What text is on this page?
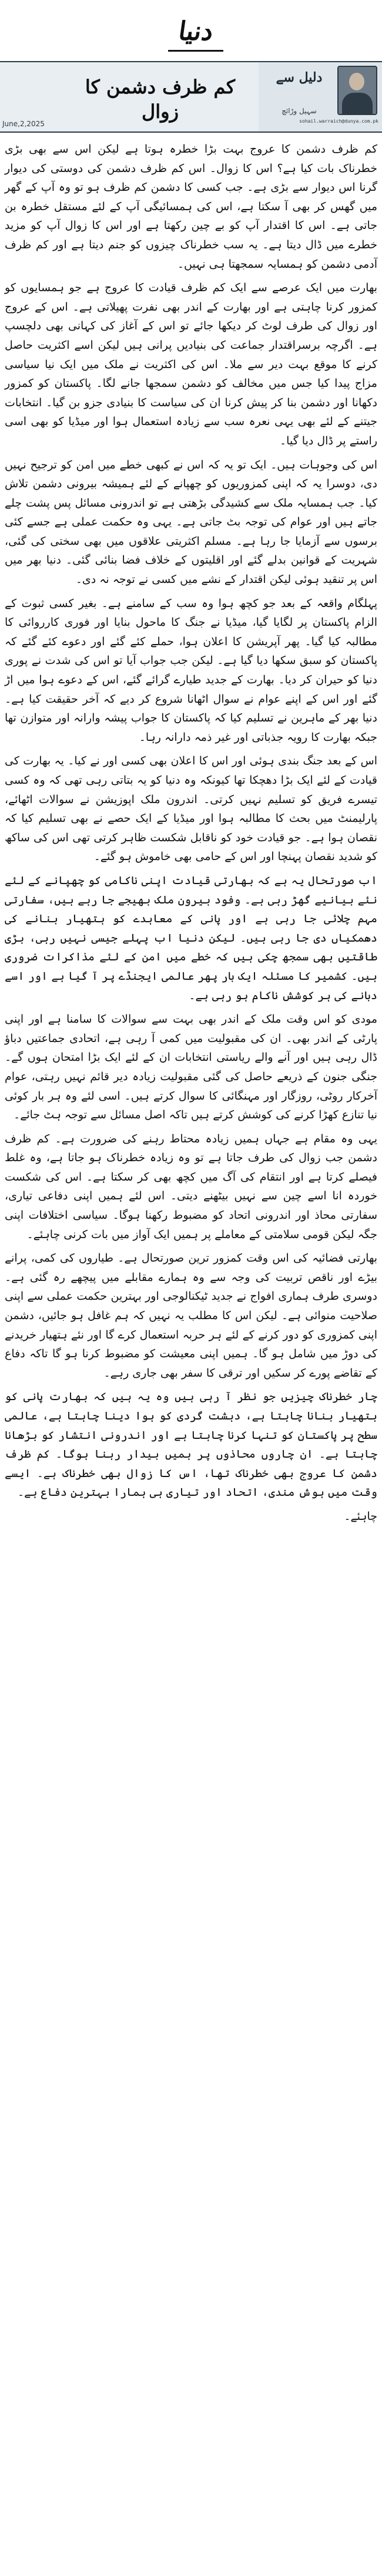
دنیا
دلیل سے
سہیل وڑائچ
sohail.warraich@dunya.com.pk
کم ظرف دشمن کا زوال
June,2,2025

کم ظرف دشمن کا عروج بہت بڑا خطرہ ہوتا ہے لیکن اس سے بھی بڑی خطرناک بات کیا ہے؟ اس کا زوال۔ اس کم ظرف دشمن کی دوستی کی دیوار گرنا اس دیوار سے بڑی ہے۔ جب کسی کا دشمن کم ظرف ہو تو وہ آپ کے گھر میں گھس کر بھی آ سکتا ہے، اس کی ہمسائیگی آپ کے لئے مستقل خطرہ بن جاتی ہے۔ اس کا اقتدار آپ کو بے چین رکھتا ہے اور اس کا زوال آپ کو مزید خطرے میں ڈال دیتا ہے۔ یہ سب خطرناک چیزوں کو جنم دیتا ہے اور کم ظرف آدمی دشمن کو ہمسایہ سمجھتا ہی نہیں۔

بھارت میں ایک عرصے سے ایک کم ظرف قیادت کا عروج ہے جو ہمسایوں کو کمزور کرنا چاہتی ہے اور بھارت کے اندر بھی نفرت پھیلاتی ہے۔ اس کے عروج اور زوال کی طرف لوٹ کر دیکھا جائے تو اس کے آغاز کی کہانی بھی دلچسپ ہے۔ اگرچہ برسراقتدار جماعت کی بنیادیں پرانی ہیں لیکن اسے اکثریت حاصل کرنے کا موقع بہت دیر سے ملا۔ اس کی اکثریت نے ملک میں ایک نیا سیاسی مزاج پیدا کیا جس میں مخالف کو دشمن سمجھا جانے لگا۔ پاکستان کو کمزور دکھانا اور دشمن بنا کر پیش کرنا ان کی سیاست کا بنیادی جزو بن گیا۔ انتخابات جیتنے کے لئے بھی یہی نعرہ سب سے زیادہ استعمال ہوا اور میڈیا کو بھی اسی راستے پر ڈال دیا گیا۔

اس کی وجوہات ہیں۔ ایک تو یہ کہ اس نے کبھی خطے میں امن کو ترجیح نہیں دی، دوسرا یہ کہ اپنی کمزوریوں کو چھپانے کے لئے ہمیشہ بیرونی دشمن تلاش کیا۔ جب ہمسایہ ملک سے کشیدگی بڑھتی ہے تو اندرونی مسائل پس پشت چلے جاتے ہیں اور عوام کی توجہ بٹ جاتی ہے۔ یہی وہ حکمت عملی ہے جسے کئی برسوں سے آزمایا جا رہا ہے۔ مسلم اکثریتی علاقوں میں بھی سختی کی گئی، شہریت کے قوانین بدلے گئے اور اقلیتوں کے خلاف فضا بنائی گئی۔ دنیا بھر میں اس پر تنقید ہوئی لیکن اقتدار کے نشے میں کسی نے توجہ نہ دی۔

پہلگام واقعہ کے بعد جو کچھ ہوا وہ سب کے سامنے ہے۔ بغیر کسی ثبوت کے الزام پاکستان پر لگایا گیا، میڈیا نے جنگ کا ماحول بنایا اور فوری کارروائی کا مطالبہ کیا گیا۔ پھر آپریشن کا اعلان ہوا، حملے کئے گئے اور دعوے کئے گئے کہ پاکستان کو سبق سکھا دیا گیا ہے۔ لیکن جب جواب آیا تو اس کی شدت نے پوری دنیا کو حیران کر دیا۔ بھارت کے جدید طیارے گرائے گئے، اس کے دعوے ہوا میں اڑ گئے اور اس کے اپنے عوام نے سوال اٹھانا شروع کر دیے کہ آخر حقیقت کیا ہے۔ دنیا بھر کے ماہرین نے تسلیم کیا کہ پاکستان کا جواب پیشہ وارانہ اور متوازن تھا جبکہ بھارت کا رویہ جذباتی اور غیر ذمہ دارانہ رہا۔

اس کے بعد جنگ بندی ہوئی اور اس کا اعلان بھی کسی اور نے کیا۔ یہ بھارت کی قیادت کے لئے ایک بڑا دھچکا تھا کیونکہ وہ دنیا کو یہ بتاتی رہی تھی کہ وہ کسی تیسرے فریق کو تسلیم نہیں کرتی۔ اندرون ملک اپوزیشن نے سوالات اٹھائے، پارلیمنٹ میں بحث کا مطالبہ ہوا اور میڈیا کے ایک حصے نے بھی تسلیم کیا کہ نقصان ہوا ہے۔ جو قیادت خود کو ناقابل شکست ظاہر کرتی تھی اس کی ساکھ کو شدید نقصان پہنچا اور اس کے حامی بھی خاموش ہو گئے۔

اب صورتحال یہ ہے کہ بھارتی قیادت اپنی ناکامی کو چھپانے کے لئے نئے بیانیے گھڑ رہی ہے۔ وفود بیرون ملک بھیجے جا رہے ہیں، سفارتی مہم چلائی جا رہی ہے اور پانی کے معاہدے کو ہتھیار بنانے کی دھمکیاں دی جا رہی ہیں۔ لیکن دنیا اب پہلے جیسی نہیں رہی، بڑی طاقتیں بھی سمجھ چکی ہیں کہ خطے میں امن کے لئے مذاکرات ضروری ہیں۔ کشمیر کا مسئلہ ایک بار پھر عالمی ایجنڈے پر آ گیا ہے اور اسے دبانے کی ہر کوشش ناکام ہو رہی ہے۔

مودی کو اس وقت ملک کے اندر بھی بہت سے سوالات کا سامنا ہے اور اپنی پارٹی کے اندر بھی۔ ان کی مقبولیت میں کمی آ رہی ہے، اتحادی جماعتیں دباؤ ڈال رہی ہیں اور آنے والے ریاستی انتخابات ان کے لئے ایک بڑا امتحان ہوں گے۔ جنگی جنون کے ذریعے حاصل کی گئی مقبولیت زیادہ دیر قائم نہیں رہتی، عوام آخرکار روٹی، روزگار اور مہنگائی کا سوال کرتے ہیں۔ اسی لئے وہ ہر بار کوئی نیا تنازع کھڑا کرنے کی کوشش کرتے ہیں تاکہ اصل مسائل سے توجہ ہٹ جائے۔

یہی وہ مقام ہے جہاں ہمیں زیادہ محتاط رہنے کی ضرورت ہے۔ کم ظرف دشمن جب زوال کی طرف جاتا ہے تو وہ زیادہ خطرناک ہو جاتا ہے، وہ غلط فیصلے کرتا ہے اور انتقام کی آگ میں کچھ بھی کر سکتا ہے۔ اس کی شکست خوردہ انا اسے چین سے نہیں بیٹھنے دیتی۔ اس لئے ہمیں اپنی دفاعی تیاری، سفارتی محاذ اور اندرونی اتحاد کو مضبوط رکھنا ہوگا۔ سیاسی اختلافات اپنی جگہ لیکن قومی سلامتی کے معاملے پر ہمیں ایک آواز میں بات کرنی چاہئے۔

بھارتی فضائیہ کی اس وقت کمزور ترین صورتحال ہے۔ طیاروں کی کمی، پرانے بیڑے اور ناقص تربیت کی وجہ سے وہ ہمارے مقابلے میں پیچھے رہ گئی ہے۔ دوسری طرف ہماری افواج نے جدید ٹیکنالوجی اور بہترین حکمت عملی سے اپنی صلاحیت منوائی ہے۔ لیکن اس کا مطلب یہ نہیں کہ ہم غافل ہو جائیں، دشمن اپنی کمزوری کو دور کرنے کے لئے ہر حربہ استعمال کرے گا اور نئے ہتھیار خریدنے کی دوڑ میں شامل ہو گا۔ ہمیں اپنی معیشت کو مضبوط کرنا ہو گا تاکہ دفاع کے تقاضے پورے کر سکیں اور ترقی کا سفر بھی جاری رہے۔

چار خطرناک چیزیں جو نظر آ رہی ہیں وہ یہ ہیں کہ بھارت پانی کو ہتھیار بنانا چاہتا ہے، دہشت گردی کو ہوا دینا چاہتا ہے، عالمی سطح پر پاکستان کو تنہا کرنا چاہتا ہے اور اندرونی انتشار کو بڑھانا چاہتا ہے۔ ان چاروں محاذوں پر ہمیں بیدار رہنا ہوگا۔ کم ظرف دشمن کا عروج بھی خطرناک تھا، اس کا زوال بھی خطرناک ہے۔ ایسے وقت میں ہوش مندی، اتحاد اور تیاری ہی ہمارا بہترین دفاع ہے۔

چاہئے۔
